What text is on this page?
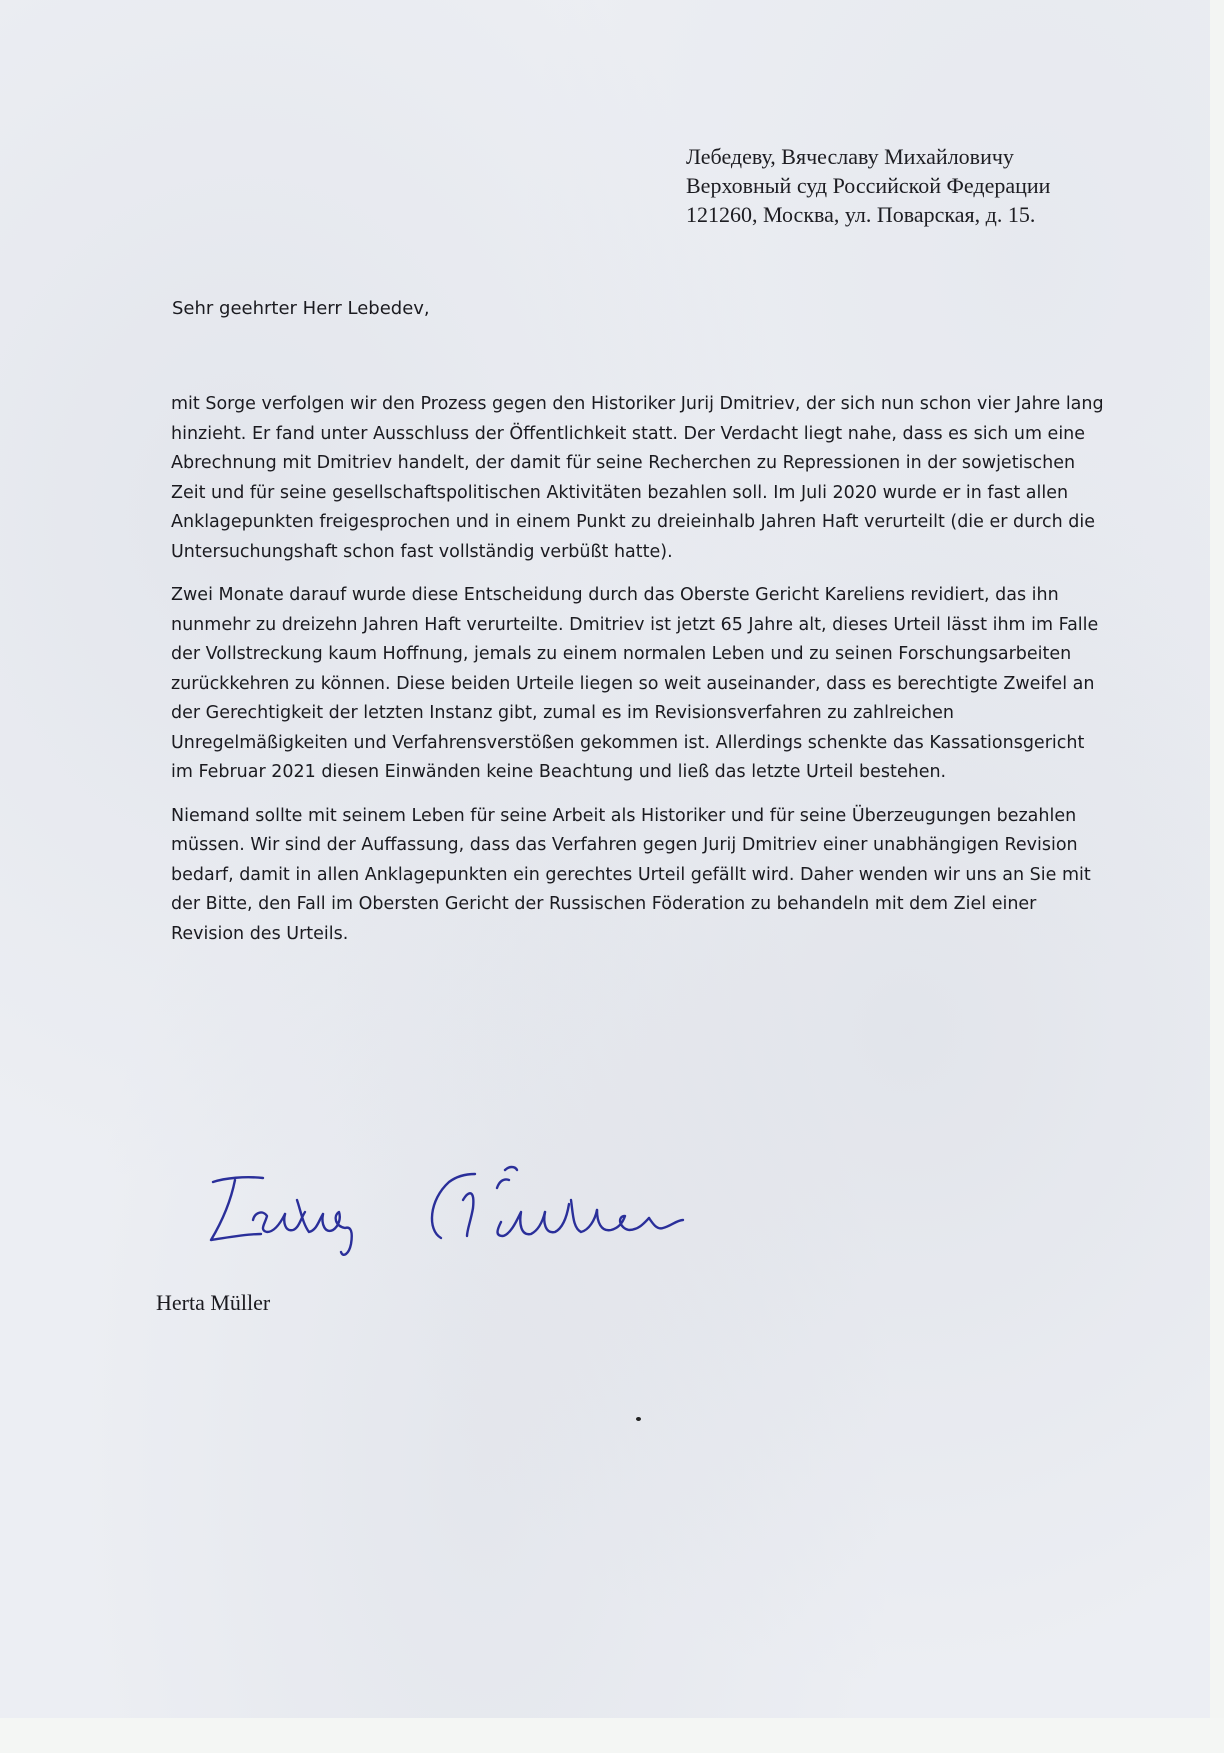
Лебедеву, Вячеславу Михайловичу
Верховный суд Российской Федерации
121260, Москва, ул. Поварская, д. 15.
Sehr geehrter Herr Lebedev,

mit Sorge verfolgen wir den Prozess gegen den Historiker Jurij Dmitriev, der sich nun schon vier Jahre lang hinzieht. Er fand unter Ausschluss der Öffentlichkeit statt. Der Verdacht liegt nahe, dass es sich um eine Abrechnung mit Dmitriev handelt, der damit für seine Recherchen zu Repressionen in der sowjetischen Zeit und für seine gesellschaftspolitischen Aktivitäten bezahlen soll. Im Juli 2020 wurde er in fast allen Anklagepunkten freigesprochen und in einem Punkt zu dreieinhalb Jahren Haft verurteilt (die er durch die Untersuchungshaft schon fast vollständig verbüßt hatte).

Zwei Monate darauf wurde diese Entscheidung durch das Oberste Gericht Kareliens revidiert, das ihn nunmehr zu dreizehn Jahren Haft verurteilte. Dmitriev ist jetzt 65 Jahre alt, dieses Urteil lässt ihm im Falle der Vollstreckung kaum Hoffnung, jemals zu einem normalen Leben und zu seinen Forschungsarbeiten zurückkehren zu können. Diese beiden Urteile liegen so weit auseinander, dass es berechtigte Zweifel an der Gerechtigkeit der letzten Instanz gibt, zumal es im Revisionsverfahren zu zahlreichen Unregelmäßigkeiten und Verfahrensverstößen gekommen ist. Allerdings schenkte das Kassationsgericht im Februar 2021 diesen Einwänden keine Beachtung und ließ das letzte Urteil bestehen.

Niemand sollte mit seinem Leben für seine Arbeit als Historiker und für seine Überzeugungen bezahlen müssen. Wir sind der Auffassung, dass das Verfahren gegen Jurij Dmitriev einer unabhängigen Revision bedarf, damit in allen Anklagepunkten ein gerechtes Urteil gefällt wird. Daher wenden wir uns an Sie mit der Bitte, den Fall im Obersten Gericht der Russischen Föderation zu behandeln mit dem Ziel einer Revision des Urteils.

Herta Müller
